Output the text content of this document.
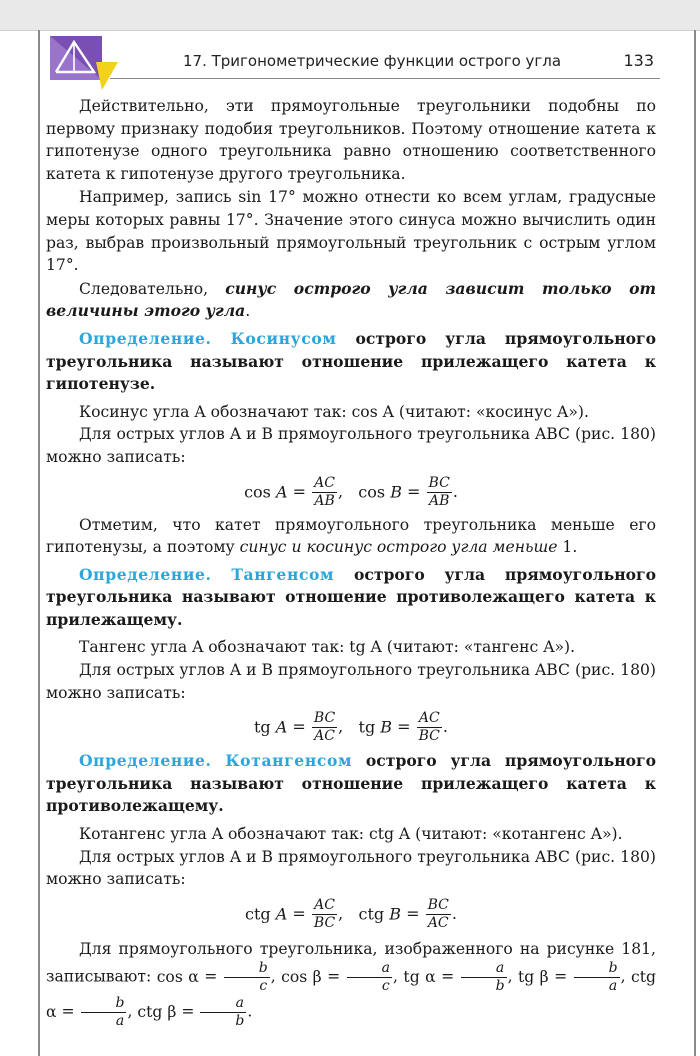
17. Тригонометрические функции острого угла	133

Действительно, эти прямоугольные треугольники подобны по первому признаку подобия треугольников. Поэтому отношение катета к гипотенузе одного треугольника равно отношению соответственного катета к гипотенузе другого треугольника.

Например, запись sin 17° можно отнести ко всем углам, градусные меры которых равны 17°. Значение этого синуса можно вычислить один раз, выбрав произвольный прямоугольный треугольник с острым углом 17°.

Следовательно, синус острого угла зависит только от величины этого угла.

Определение. Косинусом острого угла прямоугольного треугольника называют отношение прилежащего катета к гипотенузе.

Косинус угла A обозначают так: cos A (читают: «косинус A»).

Для острых углов A и B прямоугольного треугольника ABC (рис. 180) можно записать:

$\cos A = \frac{AC}{AB}$ ,   $\cos B = \frac{BC}{AB}$ .

Отметим, что катет прямоугольного треугольника меньше его гипотенузы, а поэтому синус и косинус острого угла меньше 1.

Определение. Тангенсом острого угла прямоугольного треугольника называют отношение противолежащего катета к прилежащему.

Тангенс угла A обозначают так: tg A (читают: «тангенс A»).

Для острых углов A и B прямоугольного треугольника ABC (рис. 180) можно записать:

tg $A = \frac{BC}{AC}$ ,   tg $B = \frac{AC}{BC}$ .

Определение. Котангенсом острого угла прямоугольного треугольника называют отношение прилежащего катета к противолежащему.

Котангенс угла A обозначают так: ctg A (читают: «котангенс A»).

Для острых углов A и B прямоугольного треугольника ABC (рис. 180) можно записать:

ctg $A = \frac{AC}{BC}$ ,   ctg $B = \frac{BC}{AC}$ .

Для прямоугольного треугольника, изображенного на рисунке 181, записывают: $\cos \alpha = \frac{b}{c}$ , $\cos \beta = \frac{a}{c}$ , tg $\alpha = \frac{a}{b}$ , tg $\beta = \frac{b}{a}$ , ctg $\alpha = \frac{b}{a}$ , ctg $\beta = \frac{a}{b}$ .
